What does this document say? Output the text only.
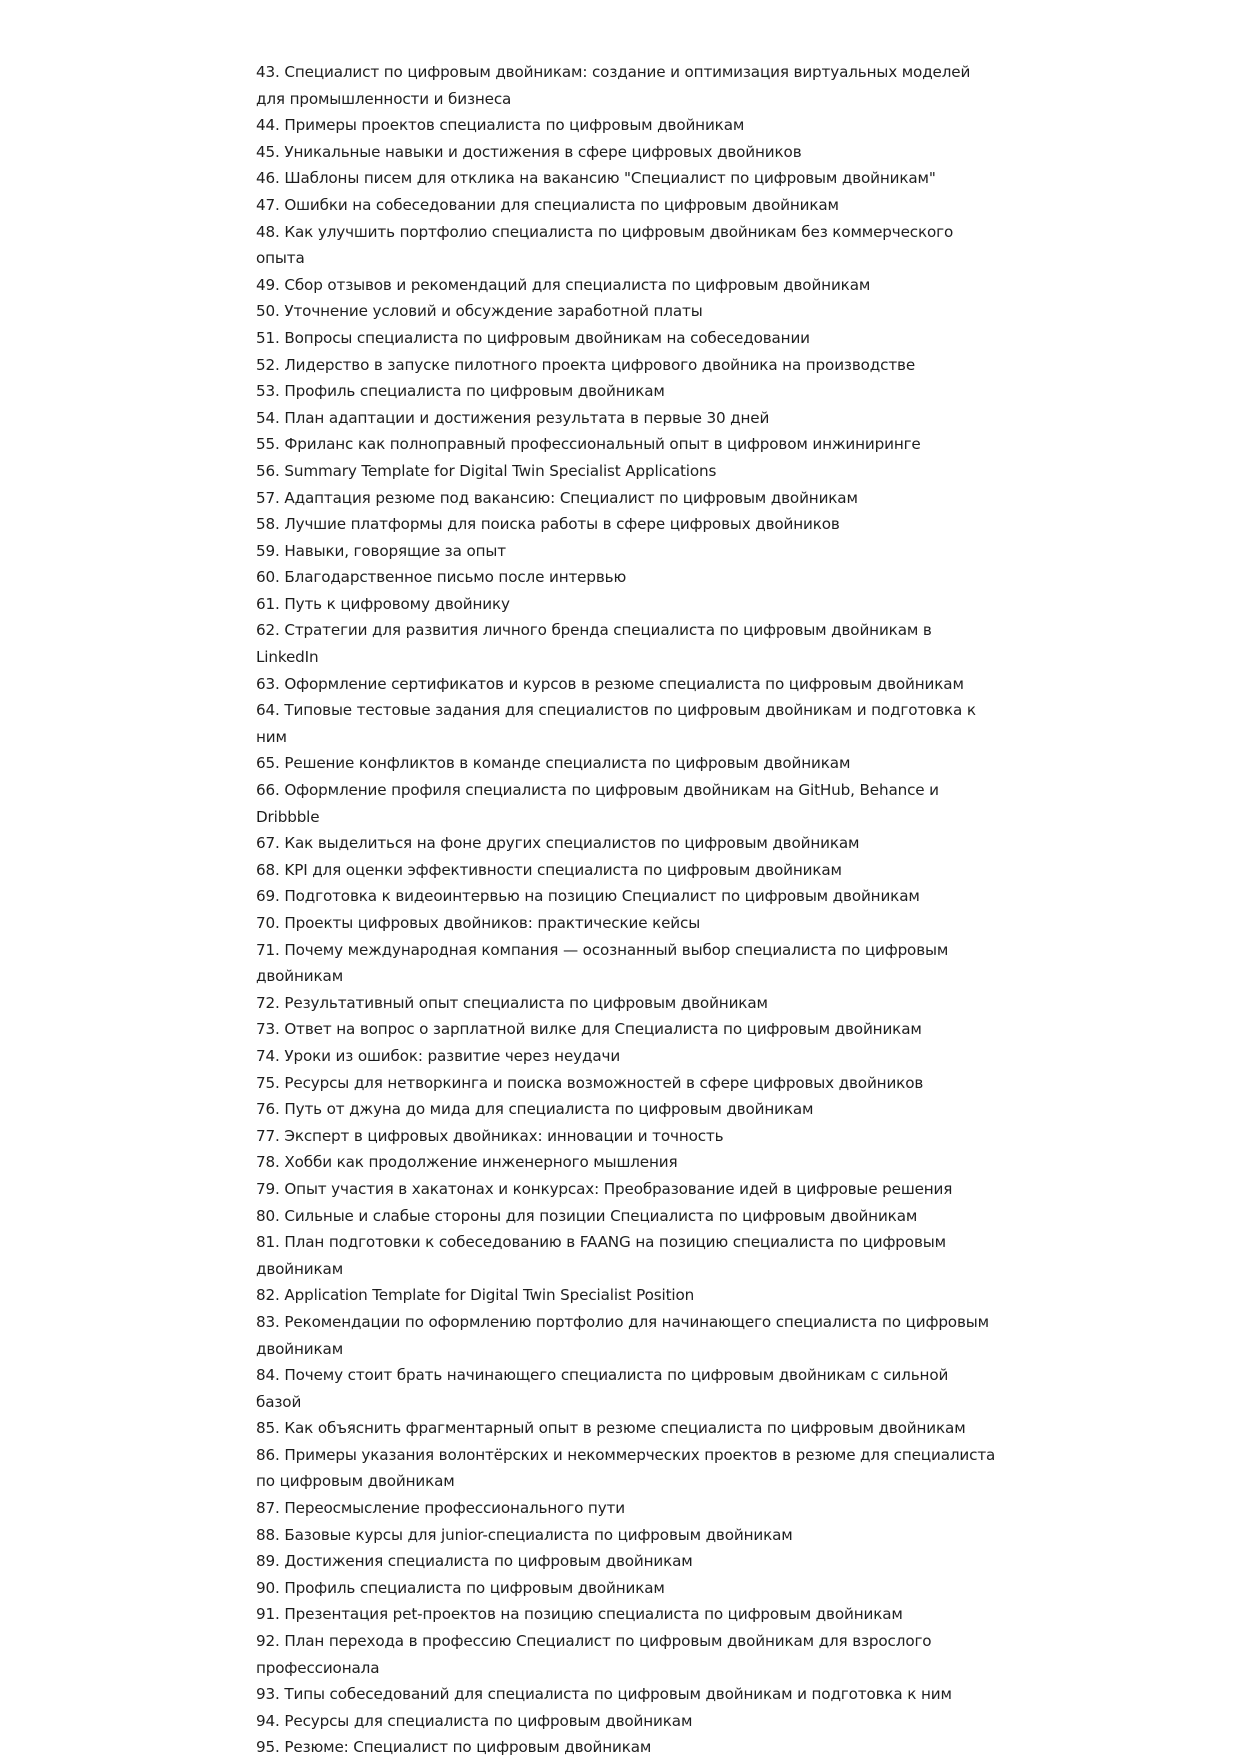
43. Специалист по цифровым двойникам: создание и оптимизация виртуальных моделей для промышленности и бизнеса
44. Примеры проектов специалиста по цифровым двойникам
45. Уникальные навыки и достижения в сфере цифровых двойников
46. Шаблоны писем для отклика на вакансию "Специалист по цифровым двойникам"
47. Ошибки на собеседовании для специалиста по цифровым двойникам
48. Как улучшить портфолио специалиста по цифровым двойникам без коммерческого опыта
49. Сбор отзывов и рекомендаций для специалиста по цифровым двойникам
50. Уточнение условий и обсуждение заработной платы
51. Вопросы специалиста по цифровым двойникам на собеседовании
52. Лидерство в запуске пилотного проекта цифрового двойника на производстве
53. Профиль специалиста по цифровым двойникам
54. План адаптации и достижения результата в первые 30 дней
55. Фриланс как полноправный профессиональный опыт в цифровом инжиниринге
56. Summary Template for Digital Twin Specialist Applications
57. Адаптация резюме под вакансию: Специалист по цифровым двойникам
58. Лучшие платформы для поиска работы в сфере цифровых двойников
59. Навыки, говорящие за опыт
60. Благодарственное письмо после интервью
61. Путь к цифровому двойнику
62. Стратегии для развития личного бренда специалиста по цифровым двойникам в LinkedIn
63. Оформление сертификатов и курсов в резюме специалиста по цифровым двойникам
64. Типовые тестовые задания для специалистов по цифровым двойникам и подготовка к ним
65. Решение конфликтов в команде специалиста по цифровым двойникам
66. Оформление профиля специалиста по цифровым двойникам на GitHub, Behance и Dribbble
67. Как выделиться на фоне других специалистов по цифровым двойникам
68. KPI для оценки эффективности специалиста по цифровым двойникам
69. Подготовка к видеоинтервью на позицию Специалист по цифровым двойникам
70. Проекты цифровых двойников: практические кейсы
71. Почему международная компания — осознанный выбор специалиста по цифровым двойникам
72. Результативный опыт специалиста по цифровым двойникам
73. Ответ на вопрос о зарплатной вилке для Специалиста по цифровым двойникам
74. Уроки из ошибок: развитие через неудачи
75. Ресурсы для нетворкинга и поиска возможностей в сфере цифровых двойников
76. Путь от джуна до мида для специалиста по цифровым двойникам
77. Эксперт в цифровых двойниках: инновации и точность
78. Хобби как продолжение инженерного мышления
79. Опыт участия в хакатонах и конкурсах: Преобразование идей в цифровые решения
80. Сильные и слабые стороны для позиции Специалиста по цифровым двойникам
81. План подготовки к собеседованию в FAANG на позицию специалиста по цифровым двойникам
82. Application Template for Digital Twin Specialist Position
83. Рекомендации по оформлению портфолио для начинающего специалиста по цифровым двойникам
84. Почему стоит брать начинающего специалиста по цифровым двойникам с сильной базой
85. Как объяснить фрагментарный опыт в резюме специалиста по цифровым двойникам
86. Примеры указания волонтёрских и некоммерческих проектов в резюме для специалиста по цифровым двойникам
87. Переосмысление профессионального пути
88. Базовые курсы для junior-специалиста по цифровым двойникам
89. Достижения специалиста по цифровым двойникам
90. Профиль специалиста по цифровым двойникам
91. Презентация pet-проектов на позицию специалиста по цифровым двойникам
92. План перехода в профессию Специалист по цифровым двойникам для взрослого профессионала
93. Типы собеседований для специалиста по цифровым двойникам и подготовка к ним
94. Ресурсы для специалиста по цифровым двойникам
95. Резюме: Специалист по цифровым двойникам
